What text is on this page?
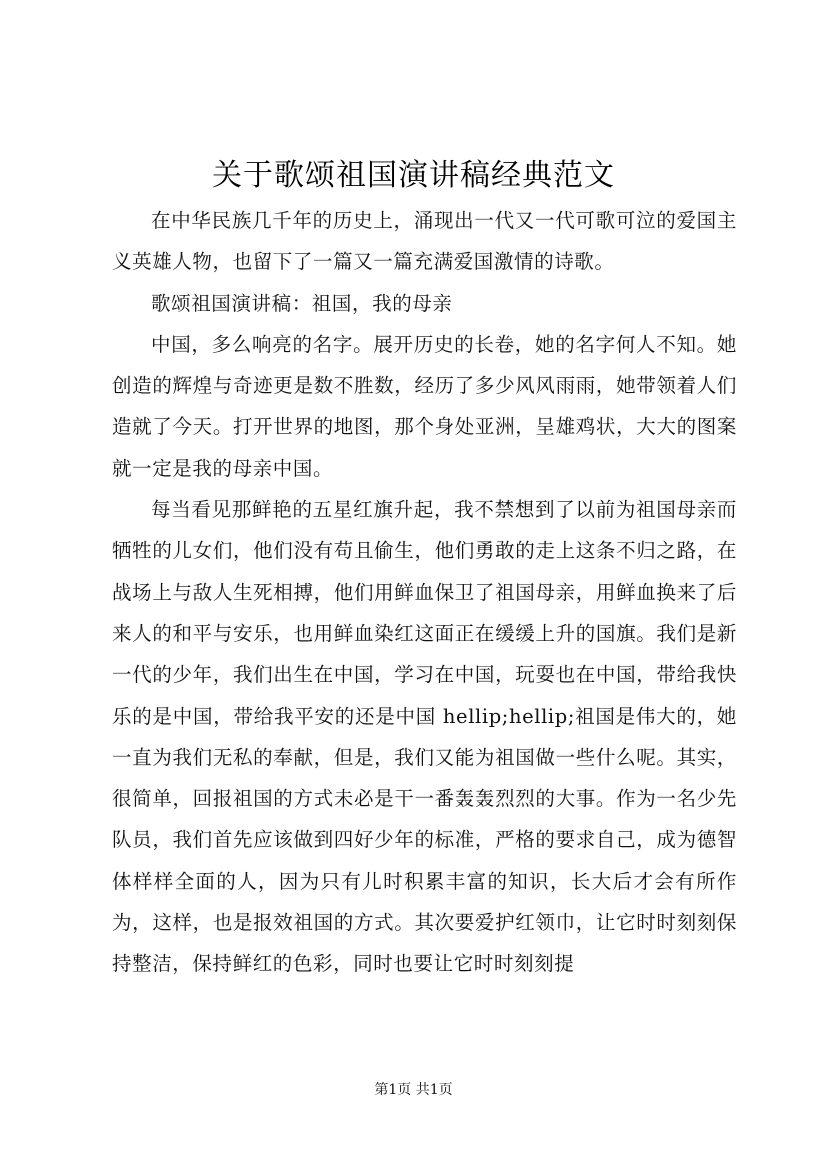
关于歌颂祖国演讲稿经典范文

在中华民族几千年的历史上，涌现出一代又一代可歌可泣的爱国主义英雄人物，也留下了一篇又一篇充满爱国激情的诗歌。

歌颂祖国演讲稿：祖国，我的母亲

中国，多么响亮的名字。展开历史的长卷，她的名字何人不知。她创造的辉煌与奇迹更是数不胜数，经历了多少风风雨雨，她带领着人们造就了今天。打开世界的地图，那个身处亚洲，呈雄鸡状，大大的图案就一定是我的母亲中国。

每当看见那鲜艳的五星红旗升起，我不禁想到了以前为祖国母亲而牺牲的儿女们，他们没有苟且偷生，他们勇敢的走上这条不归之路，在战场上与敌人生死相搏，他们用鲜血保卫了祖国母亲，用鲜血换来了后来人的和平与安乐，也用鲜血染红这面正在缓缓上升的国旗。我们是新一代的少年，我们出生在中国，学习在中国，玩耍也在中国，带给我快乐的是中国，带给我平安的还是中国 hellip;hellip;祖国是伟大的，她一直为我们无私的奉献，但是，我们又能为祖国做一些什么呢。其实，很简单，回报祖国的方式未必是干一番轰轰烈烈的大事。作为一名少先队员，我们首先应该做到四好少年的标准，严格的要求自己，成为德智体样样全面的人，因为只有儿时积累丰富的知识，长大后才会有所作为，这样，也是报效祖国的方式。其次要爱护红领巾，让它时时刻刻保持整洁，保持鲜红的色彩，同时也要让它时时刻刻提

第1页 共1页
